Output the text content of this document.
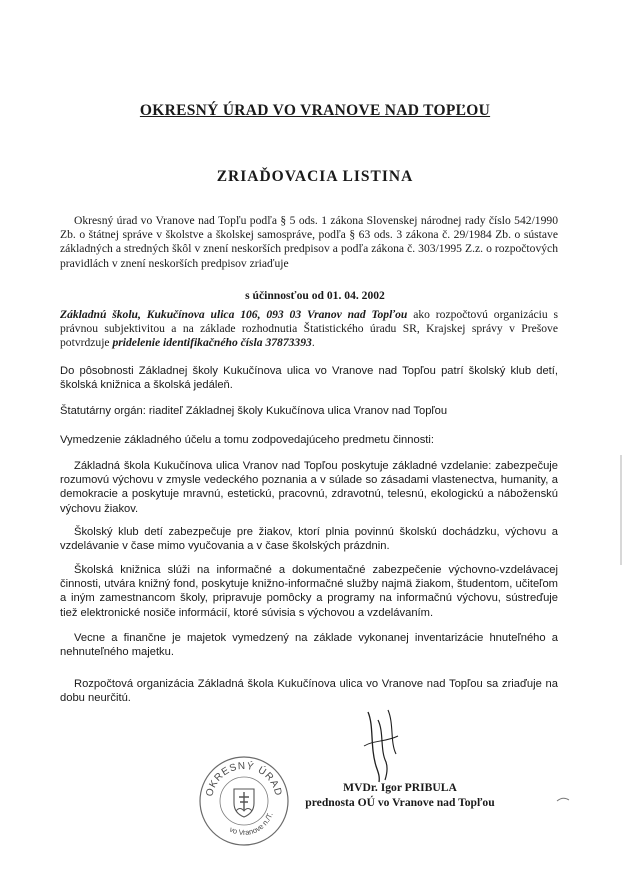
OKRESNÝ ÚRAD VO VRANOVE NAD TOPĽOU
ZRIAĎOVACIA LISTINA
Okresný úrad vo Vranove nad Topľu podľa § 5 ods. 1 zákona Slovenskej národnej rady číslo 542/1990 Zb. o štátnej správe v školstve a školskej samospráve, podľa § 63 ods. 3 zákona č. 29/1984 Zb. o sústave základných a stredných škôl v znení neskorších predpisov a podľa zákona č. 303/1995 Z.z. o rozpočtových pravidlách v znení neskorších predpisov zriaďuje
s účinnosťou od 01. 04. 2002
Základnú školu, Kukučínova ulica 106, 093 03 Vranov nad Topľou ako rozpočtovú organizáciu s právnou subjektivitou a na základe rozhodnutia Štatistického úradu SR, Krajskej správy v Prešove potvrdzuje pridelenie identifikačného čísla 37873393.
Do pôsobnosti Základnej školy Kukučínova ulica vo Vranove nad Topľou patrí školský klub detí, školská knižnica a školská jedáleň.
Štatutárny orgán: riaditeľ Základnej školy Kukučínova ulica Vranov nad Topľou
Vymedzenie základného účelu a tomu zodpovedajúceho predmetu činnosti:
Základná škola Kukučínova ulica Vranov nad Topľou poskytuje základné vzdelanie: zabezpečuje rozumovú výchovu v zmysle vedeckého poznania a v súlade so zásadami vlastenectva, humanity, a demokracie a poskytuje mravnú, estetickú, pracovnú, zdravotnú, telesnú, ekologickú a náboženskú výchovu žiakov.
Školský klub detí zabezpečuje pre žiakov, ktorí plnia povinnú školskú dochádzku, výchovu a vzdelávanie v čase mimo vyučovania a v čase školských prázdnin.
Školská knižnica slúži na informačné a dokumentačné zabezpečenie výchovno-vzdelávacej činnosti, utvára knižný fond, poskytuje knižno-informačné služby najmä žiakom, študentom, učiteľom a iným zamestnancom školy, pripravuje pomôcky a programy na informačnú výchovu, sústreďuje tiež elektronické nosiče informácií, ktoré súvisia s výchovou a vzdelávaním.
Vecne a finančne je majetok vymedzený na základe vykonanej inventarizácie hnuteľného a nehnuteľného majetku.
Rozpočtová organizácia Základná škola Kukučínova ulica vo Vranove nad Topľou sa zriaďuje na dobu neurčitú.
OKRESNÝ ÚRAD
vo Vranove n./T.
MVDr. Igor PRIBULA
prednosta OÚ vo Vranove nad Topľou
